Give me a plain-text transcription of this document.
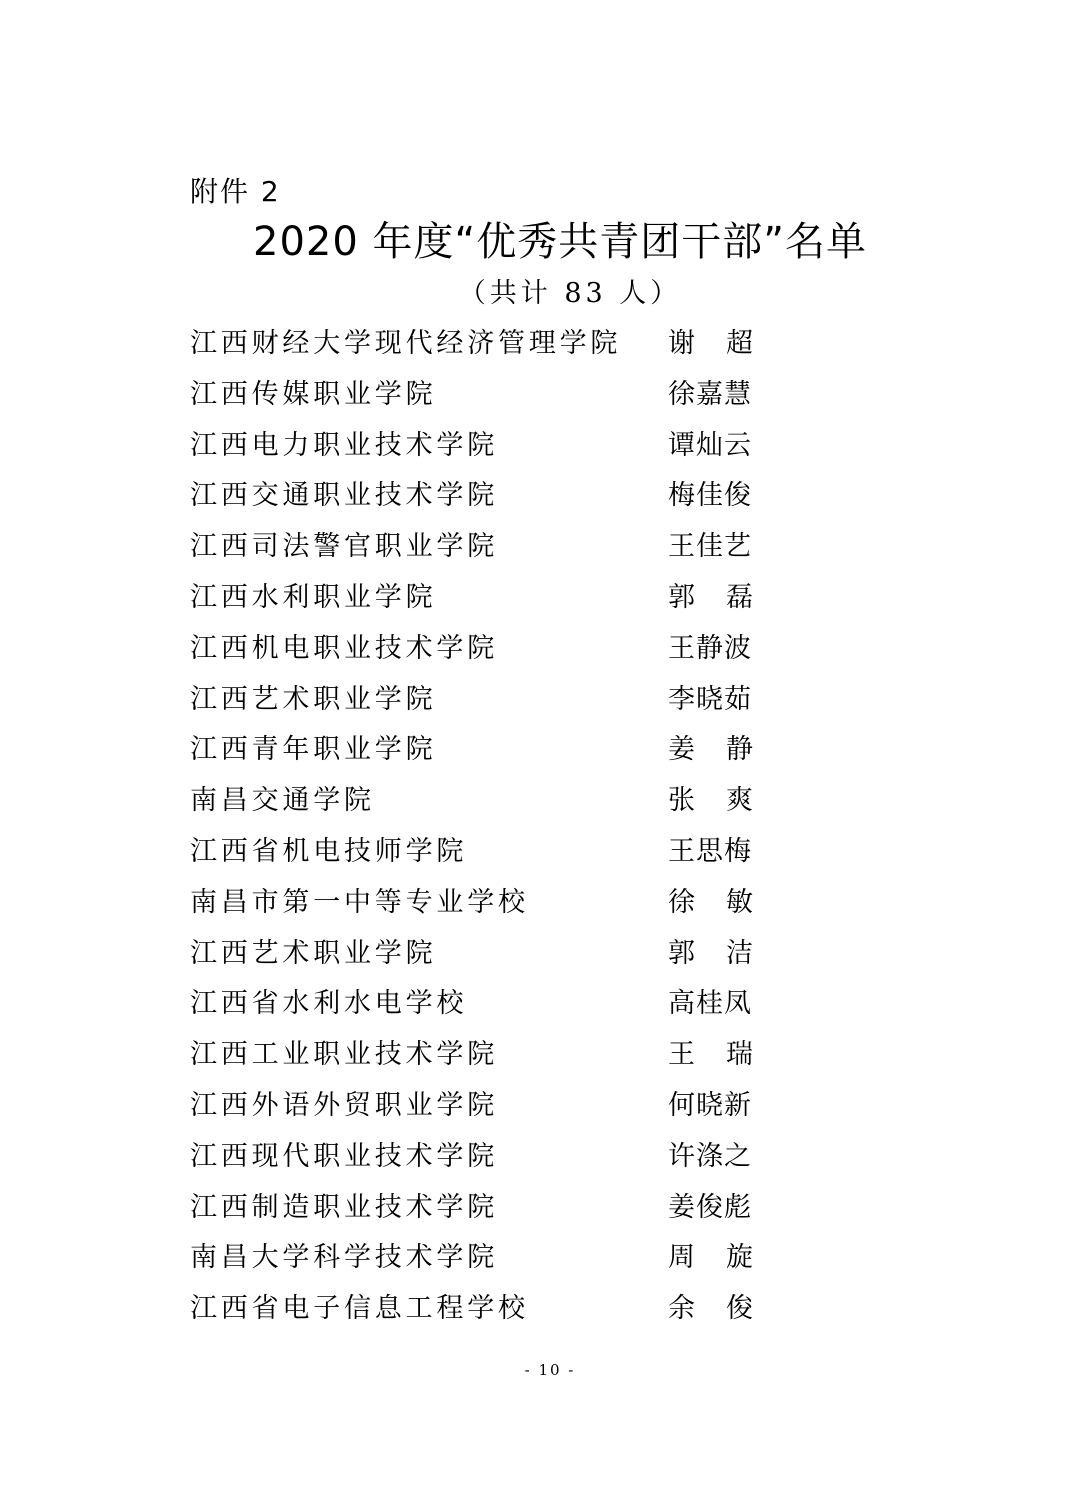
附件 2
2020 年度“优秀共青团干部”名单
（共计 83 人）
江西财经大学现代经济管理学院 谢 超
江西传媒职业学院	徐嘉慧
江西电力职业技术学院	谭灿云
江西交通职业技术学院	梅佳俊
江西司法警官职业学院	王佳艺
江西水利职业学院	郭 磊
江西机电职业技术学院	王静波
江西艺术职业学院	李晓茹
江西青年职业学院	姜 静
南昌交通学院	张 爽
江西省机电技师学院	王思梅
南昌市第一中等专业学校	徐 敏
江西艺术职业学院	郭 洁
江西省水利水电学校	高桂凤
江西工业职业技术学院	王 瑞
江西外语外贸职业学院	何晓新
江西现代职业技术学院	许涤之
江西制造职业技术学院	姜俊彪
南昌大学科学技术学院	周 旋
江西省电子信息工程学校	余 俊
- 10 -
